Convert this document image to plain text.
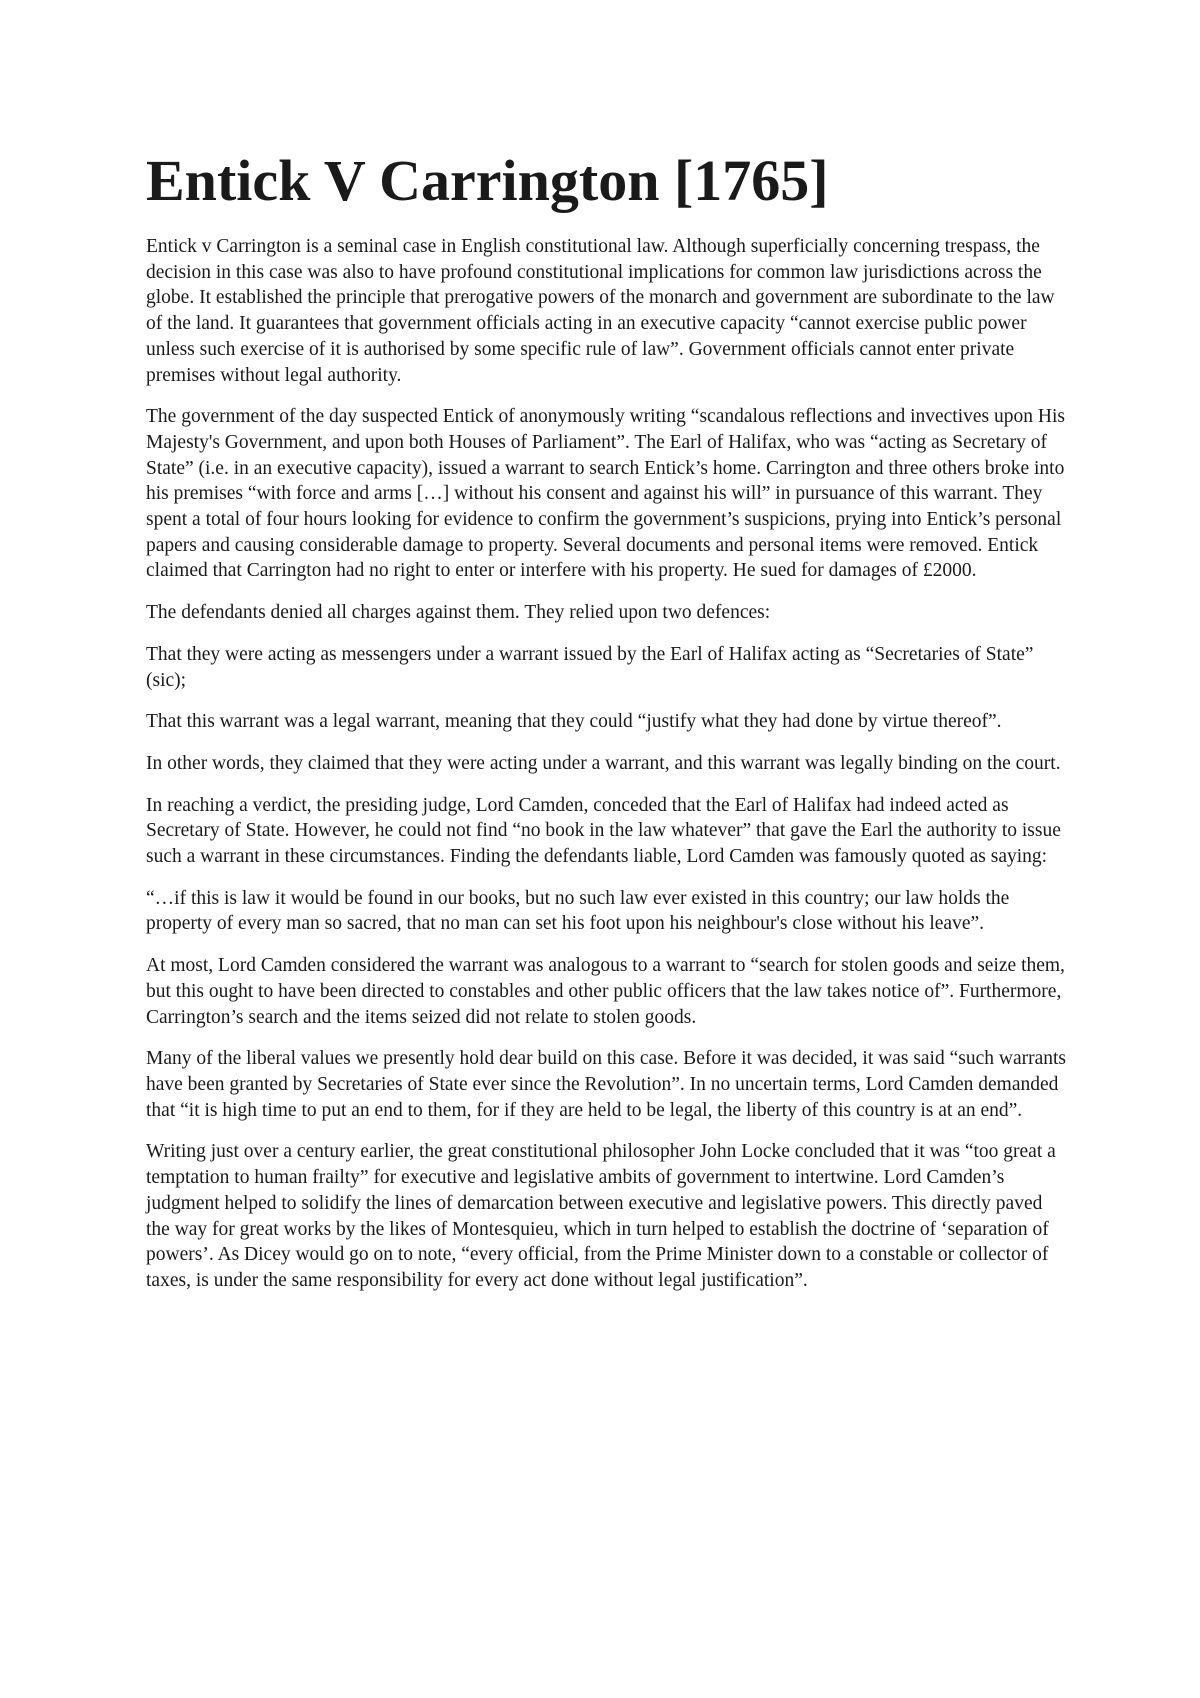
Entick V Carrington [1765]

Entick v Carrington is a seminal case in English constitutional law. Although superficially concerning trespass, the decision in this case was also to have profound constitutional implications for common law jurisdictions across the globe. It established the principle that prerogative powers of the monarch and government are subordinate to the law of the land. It guarantees that government officials acting in an executive capacity “cannot exercise public power unless such exercise of it is authorised by some specific rule of law”. Government officials cannot enter private premises without legal authority.

The government of the day suspected Entick of anonymously writing “scandalous reflections and invectives upon His Majesty's Government, and upon both Houses of Parliament”. The Earl of Halifax, who was “acting as Secretary of State” (i.e. in an executive capacity), issued a warrant to search Entick’s home. Carrington and three others broke into his premises “with force and arms […] without his consent and against his will” in pursuance of this warrant. They spent a total of four hours looking for evidence to confirm the government’s suspicions, prying into Entick’s personal papers and causing considerable damage to property. Several documents and personal items were removed. Entick claimed that Carrington had no right to enter or interfere with his property. He sued for damages of £2000.

The defendants denied all charges against them. They relied upon two defences:

That they were acting as messengers under a warrant issued by the Earl of Halifax acting as “Secretaries of State” (sic);

That this warrant was a legal warrant, meaning that they could “justify what they had done by virtue thereof”.

In other words, they claimed that they were acting under a warrant, and this warrant was legally binding on the court.

In reaching a verdict, the presiding judge, Lord Camden, conceded that the Earl of Halifax had indeed acted as Secretary of State. However, he could not find “no book in the law whatever” that gave the Earl the authority to issue such a warrant in these circumstances. Finding the defendants liable, Lord Camden was famously quoted as saying:

“…if this is law it would be found in our books, but no such law ever existed in this country; our law holds the property of every man so sacred, that no man can set his foot upon his neighbour's close without his leave”.

At most, Lord Camden considered the warrant was analogous to a warrant to “search for stolen goods and seize them, but this ought to have been directed to constables and other public officers that the law takes notice of”. Furthermore, Carrington’s search and the items seized did not relate to stolen goods.

Many of the liberal values we presently hold dear build on this case. Before it was decided, it was said “such warrants have been granted by Secretaries of State ever since the Revolution”. In no uncertain terms, Lord Camden demanded that “it is high time to put an end to them, for if they are held to be legal, the liberty of this country is at an end”.

Writing just over a century earlier, the great constitutional philosopher John Locke concluded that it was “too great a temptation to human frailty” for executive and legislative ambits of government to intertwine. Lord Camden’s judgment helped to solidify the lines of demarcation between executive and legislative powers. This directly paved the way for great works by the likes of Montesquieu, which in turn helped to establish the doctrine of ‘separation of powers’. As Dicey would go on to note, “every official, from the Prime Minister down to a constable or collector of taxes, is under the same responsibility for every act done without legal justification”.
